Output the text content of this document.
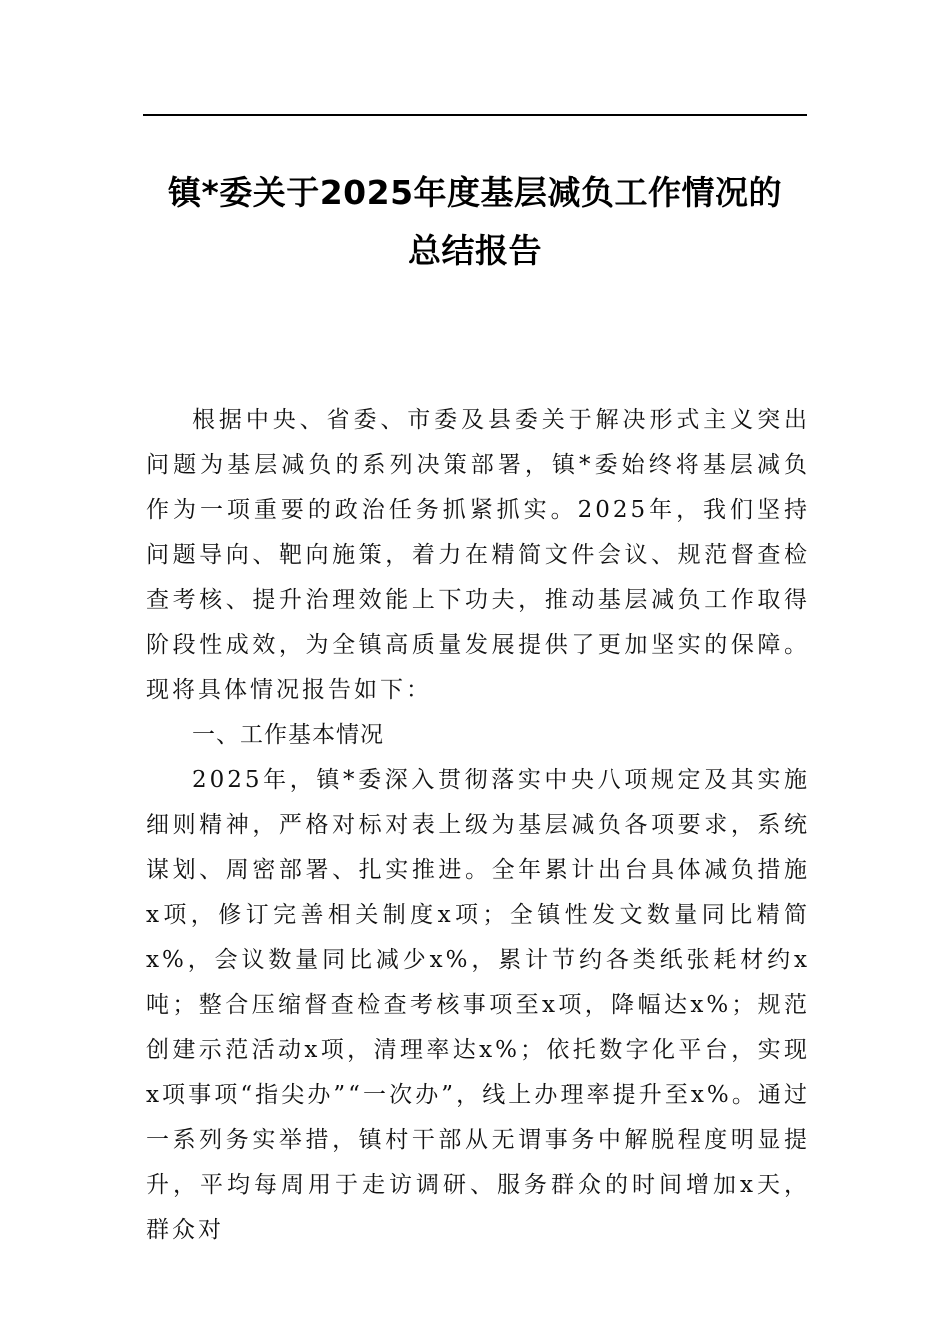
镇*委关于2025年度基层减负工作情况的
总结报告

根据中央、省委、市委及县委关于解决形式主义突出问题为基层减负的系列决策部署，镇*委始终将基层减负作为一项重要的政治任务抓紧抓实。2025年，我们坚持问题导向、靶向施策，着力在精简文件会议、规范督查检查考核、提升治理效能上下功夫，推动基层减负工作取得阶段性成效，为全镇高质量发展提供了更加坚实的保障。现将具体情况报告如下：

一、工作基本情况

2025年，镇*委深入贯彻落实中央八项规定及其实施细则精神，严格对标对表上级为基层减负各项要求，系统谋划、周密部署、扎实推进。全年累计出台具体减负措施x项，修订完善相关制度x项；全镇性发文数量同比精简x%，会议数量同比减少x%，累计节约各类纸张耗材约x吨；整合压缩督查检查考核事项至x项，降幅达x%；规范创建示范活动x项，清理率达x%；依托数字化平台，实现x项事项“指尖办”“一次办”，线上办理率提升至x%。通过一系列务实举措，镇村干部从无谓事务中解脱程度明显提升，平均每周用于走访调研、服务群众的时间增加x天，群众对
